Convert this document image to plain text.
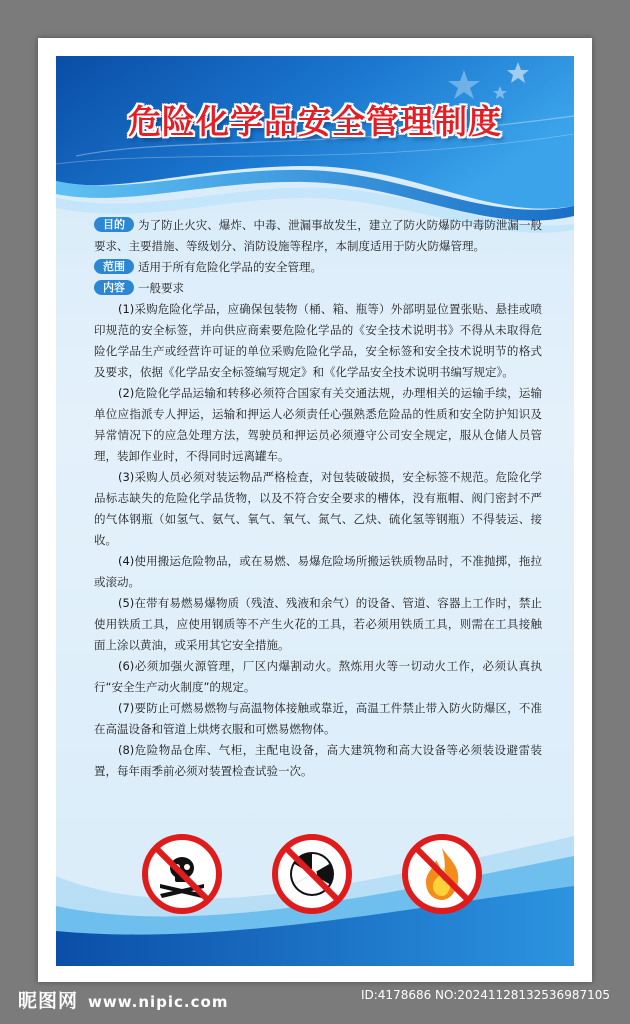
危险化学品安全管理制度

目的 为了防止火灾、爆炸、中毒、泄漏事故发生，建立了防火防爆防中毒防泄漏一般要求、主要措施、等级划分、消防设施等程序，本制度适用于防火防爆管理。

范围 适用于所有危险化学品的安全管理。

内容 一般要求

(1)采购危险化学品，应确保包装物（桶、箱、瓶等）外部明显位置张贴、悬挂或喷印规范的安全标签，并向供应商索要危险化学品的《安全技术说明书》不得从未取得危险化学品生产或经营许可证的单位采购危险化学品，安全标签和安全技术说明节的格式及要求，依据《化学品安全标签编写规定》和《化学品安全技术说明书编写规定》。

(2)危险化学品运输和转移必须符合国家有关交通法规，办理相关的运输手续，运输单位应指派专人押运，运输和押运人必须责任心强熟悉危险品的性质和安全防护知识及异常情况下的应急处理方法，驾驶员和押运员必须遵守公司安全规定，服从仓储人员管理，装卸作业时，不得同时远离罐车。

(3)采购人员必须对装运物品严格检查，对包装破破损，安全标签不规范。危险化学品标志缺失的危险化学品货物，以及不符合安全要求的槽体，没有瓶帽、阀门密封不严的气体钢瓶（如氢气、氨气、氧气、氧气、氮气、乙炔、硫化氢等钢瓶）不得装运、接收。

(4)使用搬运危险物品，或在易燃、易爆危险场所搬运铁质物品时，不准抛掷，拖拉或滚动。

(5)在带有易燃易爆物质（残渣、残液和余气）的设备、管道、容器上工作时，禁止使用铁质工具，应使用钢质等不产生火花的工具，若必须用铁质工具，则需在工具接触面上涂以黄油，或采用其它安全措施。

(6)必须加强火源管理，厂区内爆割动火。熬炼用火等一切动火工作，必须认真执行“安全生产动火制度”的规定。

(7)要防止可燃易燃物与高温物体接触或靠近，高温工件禁止带入防火防爆区，不准在高温设备和管道上烘烤衣服和可燃易燃物体。

(8)危险物品仓库、气柜，主配电设备，高大建筑物和高大设备等必须装设避雷装置，每年雨季前必须对装置检查试验一次。

昵图网 www.nipic.com	ID:4178686 NO:20241128132536987105
